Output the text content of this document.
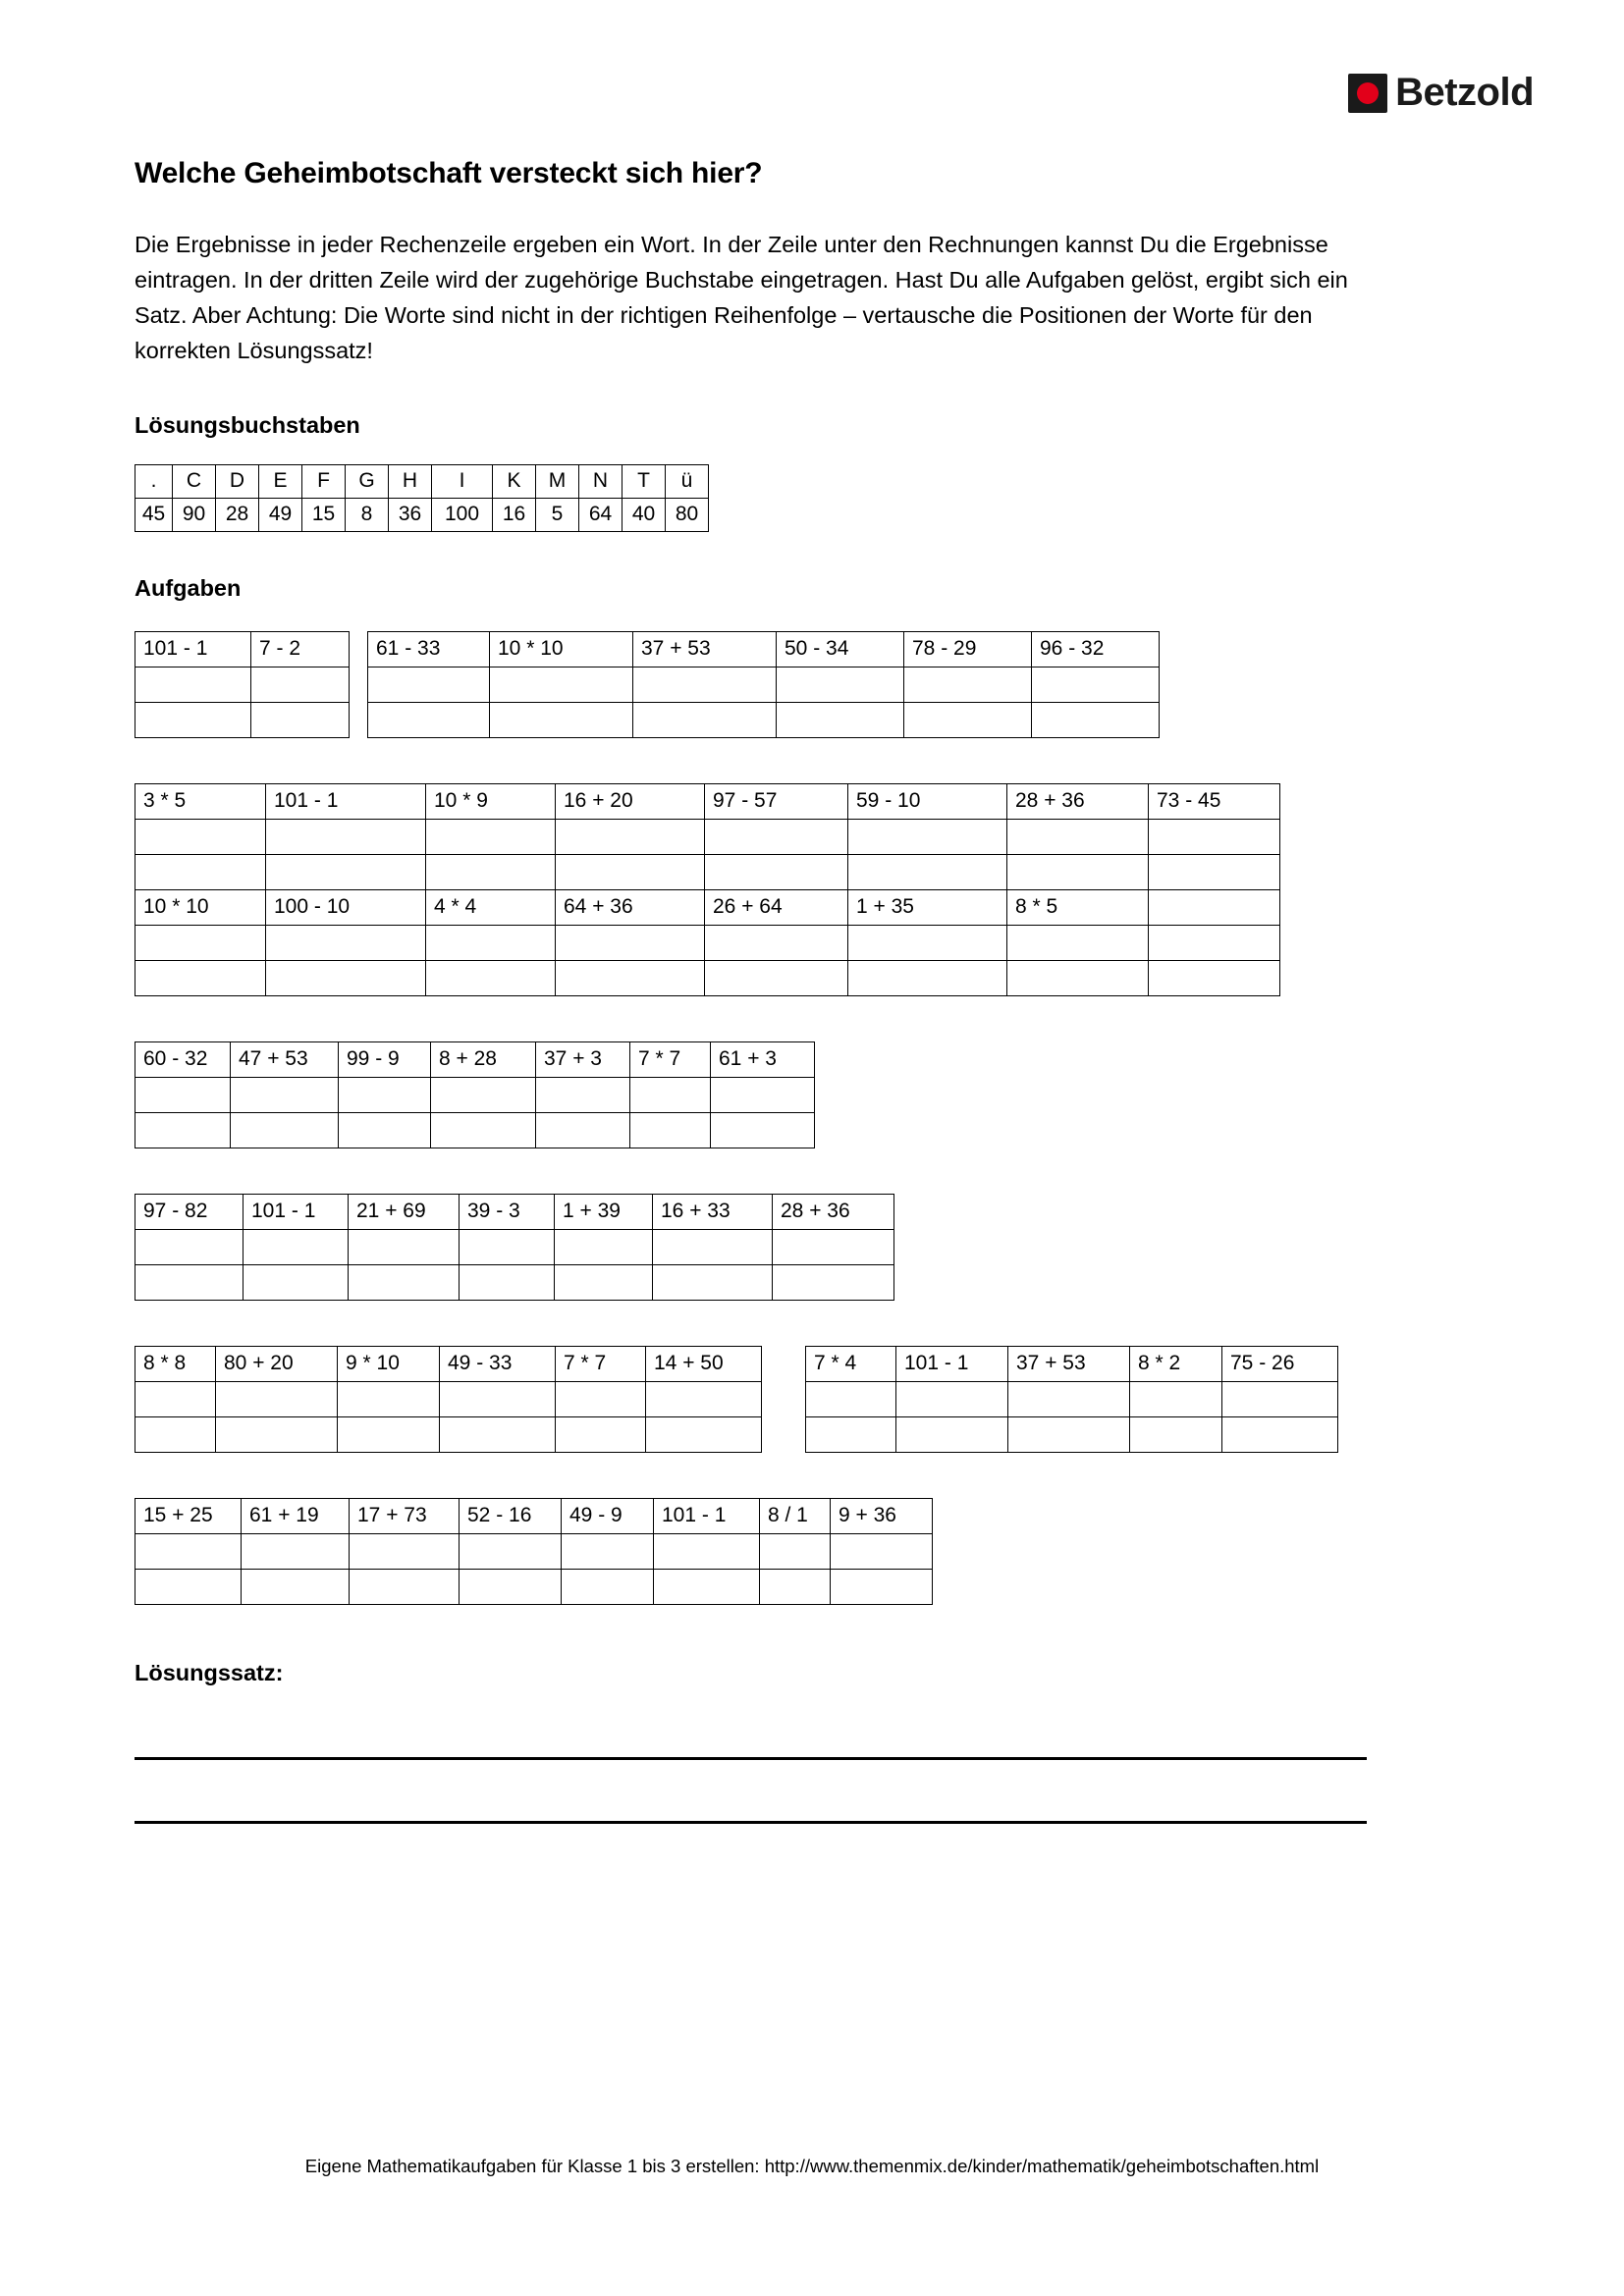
Betzold
Welche Geheimbotschaft versteckt sich hier?

Die Ergebnisse in jeder Rechenzeile ergeben ein Wort. In der Zeile unter den Rechnungen kannst Du die Ergebnisse eintragen. In der dritten Zeile wird der zugehörige Buchstabe eingetragen. Hast Du alle Aufgaben gelöst, ergibt sich ein Satz. Aber Achtung: Die Worte sind nicht in der richtigen Reihenfolge – vertausche die Positionen der Worte für den korrekten Lösungssatz!

Lösungsbuchstaben
.	C	D	E	F	G	H	I	K	M	N	T	ü
45	90	28	49	15	8	36	100	16	5	64	40	80
Aufgaben
101 - 1	7 - 2

		61 - 33	10 * 10	37 + 53	50 - 34	78 - 29	96 - 32

3 * 5	101 - 1	10 * 9	16 + 20	97 - 57	59 - 10	28 + 36	73 - 45

10 * 10	100 - 10	4 * 4	64 + 36	26 + 64	1 + 35	8 * 5	

60 - 32	47 + 53	99 - 9	8 + 28	37 + 3	7 * 7	61 + 3

97 - 82	101 - 1	21 + 69	39 - 3	1 + 39	16 + 33	28 + 36

8 * 8	80 + 20	9 * 10	49 - 33	7 * 7	14 + 50

						7 * 4	101 - 1	37 + 53	8 * 2	75 - 26

15 + 25	61 + 19	17 + 73	52 - 16	49 - 9	101 - 1	8 / 1	9 + 36

Lösungssatz:
Eigene Mathematikaufgaben für Klasse 1 bis 3 erstellen: http://www.themenmix.de/kinder/mathematik/geheimbotschaften.html
